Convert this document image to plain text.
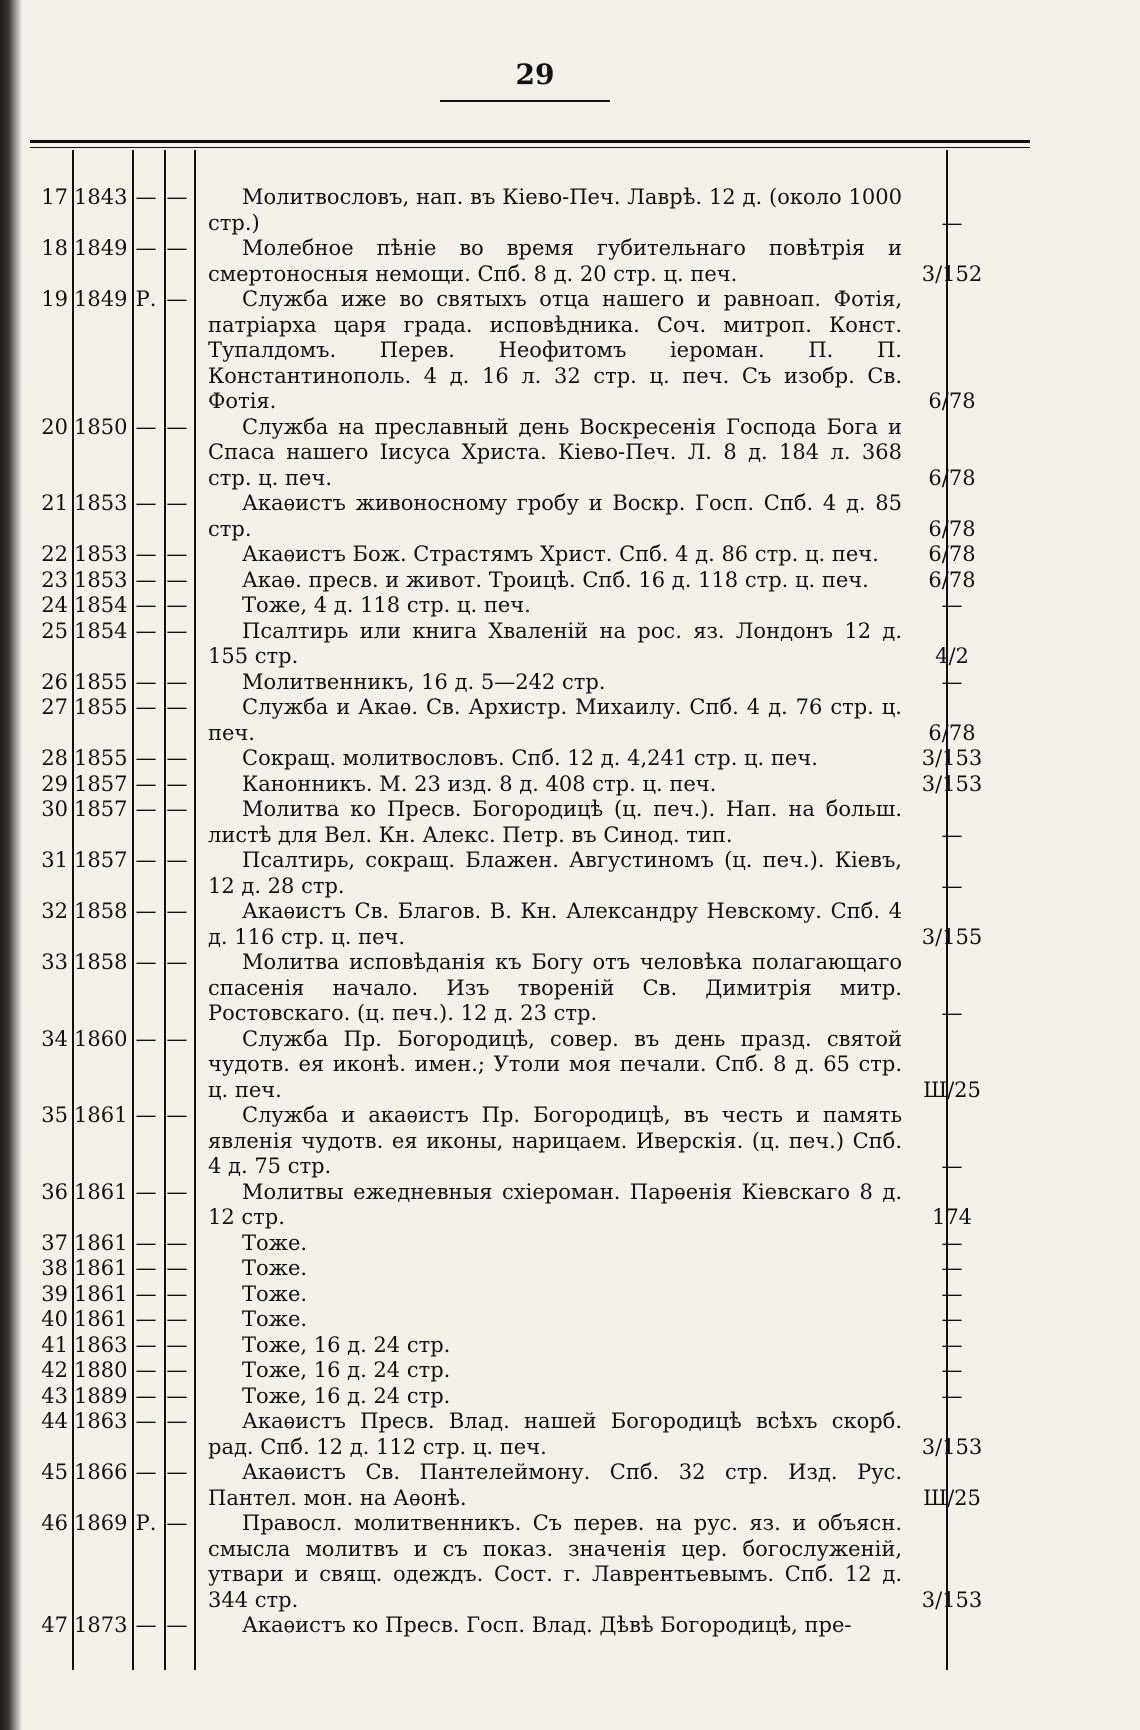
29
17 1843 — —	Молитвословъ, нап. въ Кіево-Печ. Лаврѣ. 12 д. (около 1000 стр.)	—
18 1849 — —	Молебное пѣніе во время губительнаго повѣтрія и смертоносныя немощи. Спб. 8 д. 20 стр. ц. печ.	3/152
19 1849 Р. —	Служба иже во святыхъ отца нашего и равноап. Фотія, патріарха царя града. исповѣдника. Соч. митроп. Конст. Тупалдомъ. Перев. Неофитомъ іероман. П. П. Константинополь. 4 д. 16 л. 32 стр. ц. печ. Съ изобр. Св. Фотія.	6/78
20 1850 — —	Служба на преславный день Воскресенія Господа Бога и Спаса нашего Іисуса Христа. Кіево-Печ. Л. 8 д. 184 л. 368 стр. ц. печ.	6/78
21 1853 — —	Акаѳистъ живоносному гробу и Воскр. Госп. Спб. 4 д. 85 стр.	6/78
22 1853 — —	Акаѳистъ Бож. Страстямъ Христ. Спб. 4 д. 86 стр. ц. печ.	6/78
23 1853 — —	Акаѳ. пресв. и живот. Троицѣ. Спб. 16 д. 118 стр. ц. печ.	6/78
24 1854 — —	Тоже, 4 д. 118 стр. ц. печ.	—
25 1854 — —	Псалтирь или книга Хваленій на рос. яз. Лондонъ 12 д. 155 стр.	4/2
26 1855 — —	Молитвенникъ, 16 д. 5—242 стр.	—
27 1855 — —	Служба и Акаѳ. Св. Архистр. Михаилу. Спб. 4 д. 76 стр. ц. печ.	6/78
28 1855 — —	Сокращ. молитвословъ. Спб. 12 д. 4,241 стр. ц. печ.	3/153
29 1857 — —	Канонникъ. М. 23 изд. 8 д. 408 стр. ц. печ.	3/153
30 1857 — —	Молитва ко Пресв. Богородицѣ (ц. печ.). Нап. на больш. листѣ для Вел. Кн. Алекс. Петр. въ Синод. тип.	—
31 1857 — —	Псалтирь, сокращ. Блажен. Августиномъ (ц. печ.). Кіевъ, 12 д. 28 стр.	—
32 1858 — —	Акаѳистъ Св. Благов. В. Кн. Александру Невскому. Спб. 4 д. 116 стр. ц. печ.	3/155
33 1858 — —	Молитва исповѣданія къ Богу отъ человѣка полагающаго спасенія начало. Изъ твореній Св. Димитрія митр. Ростовскаго. (ц. печ.). 12 д. 23 стр.	—
34 1860 — —	Служба Пр. Богородицѣ, совер. въ день празд. святой чудотв. ея иконѣ. имен.; Утоли моя печали. Спб. 8 д. 65 стр. ц. печ.	Ш/25
35 1861 — —	Служба и акаѳистъ Пр. Богородицѣ, въ честь и память явленія чудотв. ея иконы, нарицаем. Иверскія. (ц. печ.) Спб. 4 д. 75 стр.	—
36 1861 — —	Молитвы ежедневныя схіероман. Парѳенія Кіевскаго 8 д. 12 стр.	174
37 1861 — —	Тоже.	—
38 1861 — —	Тоже.	—
39 1861 — —	Тоже.	—
40 1861 — —	Тоже.	—
41 1863 — —	Тоже, 16 д. 24 стр.	—
42 1880 — —	Тоже, 16 д. 24 стр.	—
43 1889 — —	Тоже, 16 д. 24 стр.	—
44 1863 — —	Акаѳистъ Пресв. Влад. нашей Богородицѣ всѣхъ скорб. рад. Спб. 12 д. 112 стр. ц. печ.	3/153
45 1866 — —	Акаѳистъ Св. Пантелеймону. Спб. 32 стр. Изд. Рус. Пантел. мон. на Аѳонѣ.	Ш/25
46 1869 Р. —	Правосл. молитвенникъ. Съ перев. на рус. яз. и объясн. смысла молитвъ и съ показ. значенія цер. богослуженій, утвари и свящ. одеждъ. Сост. г. Лаврентьевымъ. Спб. 12 д. 344 стр.	3/153
47 1873 — —	Акаѳистъ ко Пресв. Госп. Влад. Дѣвѣ Богородицѣ, пре-
